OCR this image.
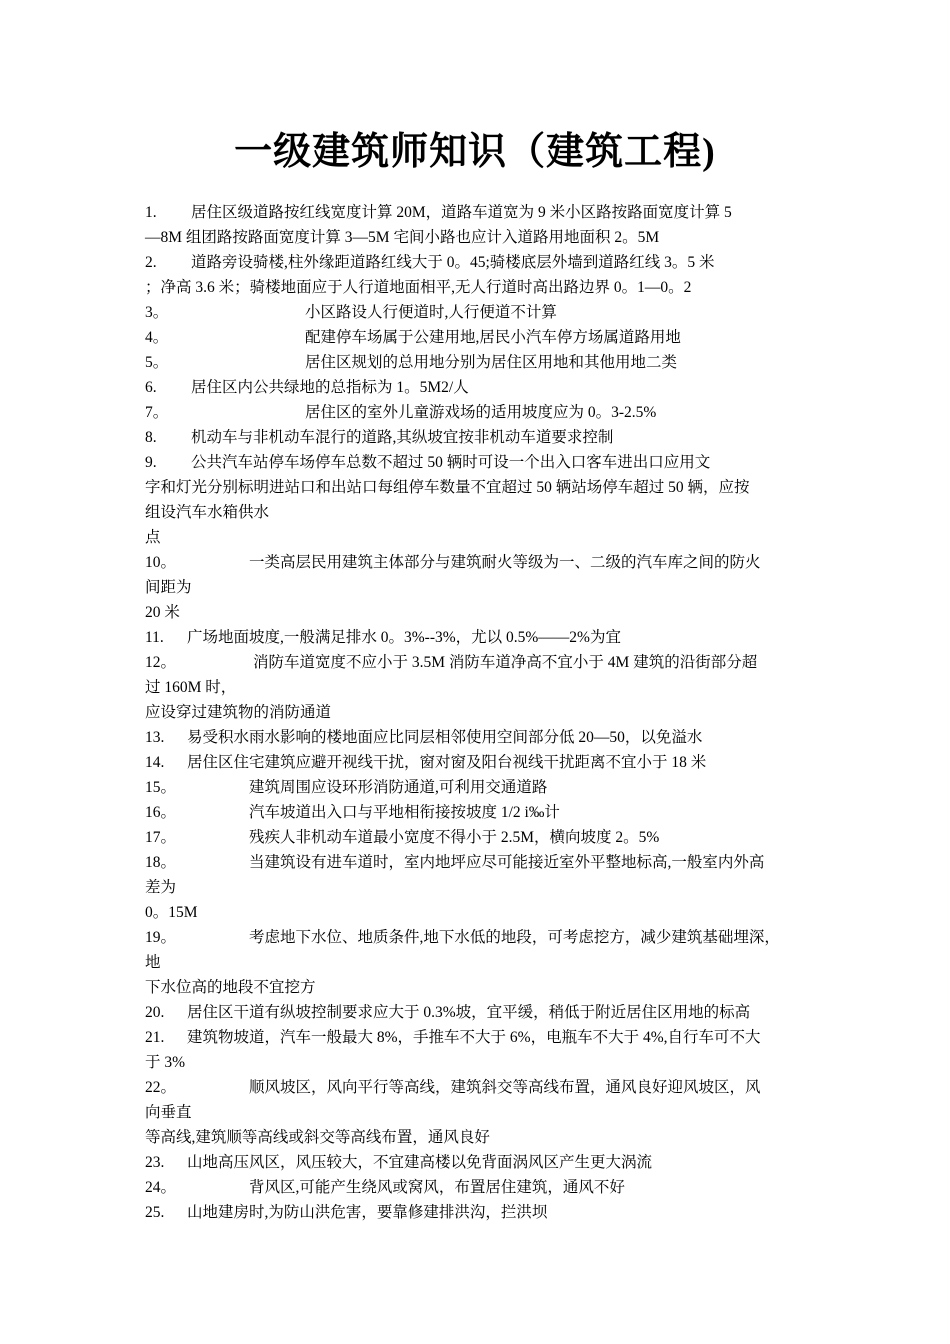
一级建筑师知识（建筑工程)
1. 居住区级道路按红线宽度计算 20M，道路车道宽为 9 米小区路按路面宽度计算 5
—8M 组团路按路面宽度计算 3—5M 宅间小路也应计入道路用地面积 2。5M
2. 道路旁设骑楼,柱外缘距道路红线大于 0。45;骑楼底层外墙到道路红线 3。5 米
；净高 3.6 米；骑楼地面应于人行道地面相平,无人行道时高出路边界 0。1—0。2
3。	小区路设人行便道时,人行便道不计算
4。	配建停车场属于公建用地,居民小汽车停方场属道路用地
5。	居住区规划的总用地分别为居住区用地和其他用地二类
6. 居住区内公共绿地的总指标为 1。5M2/人
7。	居住区的室外儿童游戏场的适用坡度应为 0。3-2.5%
8. 机动车与非机动车混行的道路,其纵坡宜按非机动车道要求控制
9. 公共汽车站停车场停车总数不超过 50 辆时可设一个出入口客车进出口应用文
字和灯光分别标明进站口和出站口每组停车数量不宜超过 50 辆站场停车超过 50 辆，应按
组设汽车水箱供水
点
10。	一类高层民用建筑主体部分与建筑耐火等级为一、二级的汽车库之间的防火
间距为
20 米
11. 广场地面坡度,一般满足排水 0。3%--3%，尤以 0.5%——2%为宜
12。	消防车道宽度不应小于 3.5M 消防车道净高不宜小于 4M 建筑的沿街部分超
过 160M 时，
应设穿过建筑物的消防通道
13. 易受积水雨水影响的楼地面应比同层相邻使用空间部分低 20—50，以免溢水
14. 居住区住宅建筑应避开视线干扰，窗对窗及阳台视线干扰距离不宜小于 18 米
15。	建筑周围应设环形消防通道,可利用交通道路
16。	汽车坡道出入口与平地相衔接按坡度 1/2 i‰计
17。	残疾人非机动车道最小宽度不得小于 2.5M，横向坡度 2。5%
18。	当建筑设有进车道时，室内地坪应尽可能接近室外平整地标高,一般室内外高
差为
0。15M
19。	考虑地下水位、地质条件,地下水低的地段，可考虑挖方，减少建筑基础埋深，
地
下水位高的地段不宜挖方
20. 居住区干道有纵坡控制要求应大于 0.3%坡，宜平缓，稍低于附近居住区用地的标高
21. 建筑物坡道，汽车一般最大 8%，手推车不大于 6%，电瓶车不大于 4%,自行车可不大
于 3%
22。	顺风坡区，风向平行等高线，建筑斜交等高线布置，通风良好迎风坡区，风
向垂直
等高线,建筑顺等高线或斜交等高线布置，通风良好
23. 山地高压风区，风压较大，不宜建高楼以免背面涡风区产生更大涡流
24。	背风区,可能产生绕风或窝风，布置居住建筑，通风不好
25. 山地建房时,为防山洪危害，要靠修建排洪沟，拦洪坝
